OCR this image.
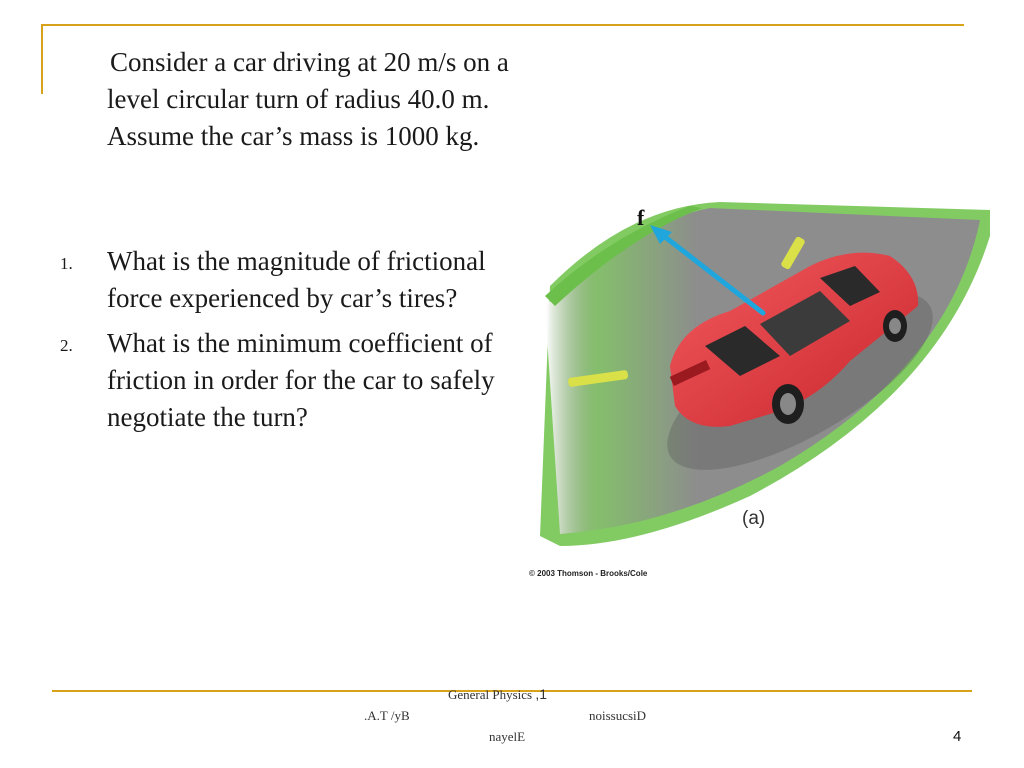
Consider a car driving at 20 m/s on a level circular turn of radius 40.0 m. Assume the car’s mass is 1000 kg.

1. What is the magnitude of frictional force experienced by car’s tires?
2. What is the minimum coefficient of friction in order for the car to safely negotiate the turn?
f
(a)
© 2003 Thomson - Brooks/Cole
General Physics ,1
.A.T /yB	noissucsiD
nayelE	4
